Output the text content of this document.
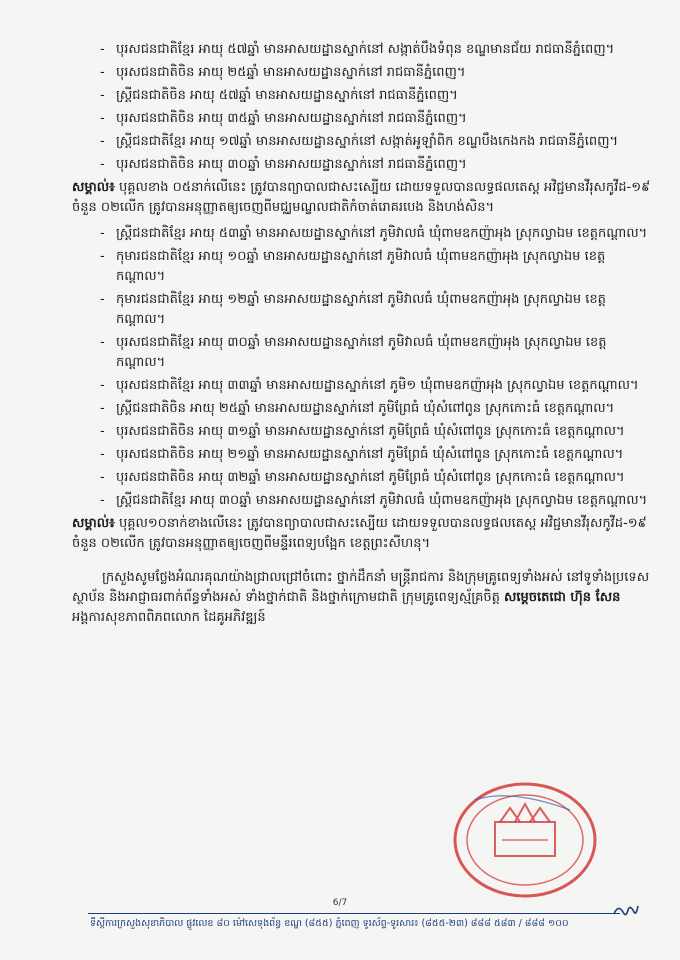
- បុរសជនជាតិខ្មែរ អាយុ ៥៧ឆ្នាំ មានអាសយដ្ឋានស្នាក់នៅ សង្កាត់បឹងទំពុន ខណ្ឌមានជ័យ រាជធានីភ្នំពេញ។
- បុរសជនជាតិចិន អាយុ ២៥ឆ្នាំ មានអាសយដ្ឋានស្នាក់នៅ រាជធានីភ្នំពេញ។
- ស្ត្រីជនជាតិចិន អាយុ ៥៧ឆ្នាំ មានអាសយដ្ឋានស្នាក់នៅ រាជធានីភ្នំពេញ។
- បុរសជនជាតិចិន អាយុ ៣៥ឆ្នាំ មានអាសយដ្ឋានស្នាក់នៅ រាជធានីភ្នំពេញ។
- ស្ត្រីជនជាតិខ្មែរ អាយុ ១៧ឆ្នាំ មានអាសយដ្ឋានស្នាក់នៅ សង្កាត់អូឡាំពិក ខណ្ឌបឹងកេងកង រាជធានីភ្នំពេញ។
- បុរសជនជាតិចិន អាយុ ៣០ឆ្នាំ មានអាសយដ្ឋានស្នាក់នៅ រាជធានីភ្នំពេញ។

សម្គាល់៖ បុគ្គលខាង ០៥នាក់លើនេះ ត្រូវបានព្យាបាលជាសះស្បើយ ដោយទទួលបានលទ្ធផលតេស្ត អវិជ្ជមានវីរុសកូវីដ-១៩ ចំនួន ០២លើក ត្រូវបានអនុញ្ញាតឲ្យចេញពីមជ្ឈមណ្ឌលជាតិកំចាត់រោគរបេង និងហង់សិន។

- ស្ត្រីជនជាតិខ្មែរ អាយុ ៥៣ឆ្នាំ មានអាសយដ្ឋានស្នាក់នៅ ភូមិវាលធំ ឃុំពាមឧកញ៉ាអុង ស្រុកល្វាឯម ខេត្តកណ្ដាល។
- កុមារជនជាតិខ្មែរ អាយុ ១០ឆ្នាំ មានអាសយដ្ឋានស្នាក់នៅ ភូមិវាលធំ ឃុំពាមឧកញ៉ាអុង ស្រុកល្វាឯម ខេត្តកណ្ដាល។
- កុមារជនជាតិខ្មែរ អាយុ ១២ឆ្នាំ មានអាសយដ្ឋានស្នាក់នៅ ភូមិវាលធំ ឃុំពាមឧកញ៉ាអុង ស្រុកល្វាឯម ខេត្តកណ្ដាល។
- បុរសជនជាតិខ្មែរ អាយុ ៣០ឆ្នាំ មានអាសយដ្ឋានស្នាក់នៅ ភូមិវាលធំ ឃុំពាមឧកញ៉ាអុង ស្រុកល្វាឯម ខេត្តកណ្ដាល។
- បុរសជនជាតិខ្មែរ អាយុ ៣៣ឆ្នាំ មានអាសយដ្ឋានស្នាក់នៅ ភូមិ១ ឃុំពាមឧកញ៉ាអុង ស្រុកល្វាឯម ខេត្តកណ្ដាល។
- ស្ត្រីជនជាតិចិន អាយុ ២៥ឆ្នាំ មានអាសយដ្ឋានស្នាក់នៅ ភូមិព្រែធំ ឃុំសំពៅពូន ស្រុកកោះធំ ខេត្តកណ្ដាល។
- បុរសជនជាតិចិន អាយុ ៣១ឆ្នាំ មានអាសយដ្ឋានស្នាក់នៅ ភូមិព្រែធំ ឃុំសំពៅពូន ស្រុកកោះធំ ខេត្តកណ្ដាល។
- បុរសជនជាតិចិន អាយុ ២១ឆ្នាំ មានអាសយដ្ឋានស្នាក់នៅ ភូមិព្រែធំ ឃុំសំពៅពូន ស្រុកកោះធំ ខេត្តកណ្ដាល។
- បុរសជនជាតិចិន អាយុ ៣២ឆ្នាំ មានអាសយដ្ឋានស្នាក់នៅ ភូមិព្រែធំ ឃុំសំពៅពូន ស្រុកកោះធំ ខេត្តកណ្ដាល។
- ស្ត្រីជនជាតិខ្មែរ អាយុ ៣០ឆ្នាំ មានអាសយដ្ឋានស្នាក់នៅ ភូមិវាលធំ ឃុំពាមឧកញ៉ាអុង ស្រុកល្វាឯម ខេត្តកណ្ដាល។

សម្គាល់៖ បុគ្គល១០នាក់ខាងលើនេះ ត្រូវបានព្យាបាលជាសះស្បើយ ដោយទទួលបានលទ្ធផលតេស្ត អវិជ្ជមានវីរុសកូវីដ-១៩ ចំនួន ០២លើក ត្រូវបានអនុញ្ញាតឲ្យចេញពីមន្ទីរពេទ្យបង្អែក ខេត្តព្រះសីហនុ។

ក្រសួងសូមថ្លែងអំណរគុណយ៉ាងជ្រាលជ្រៅចំពោះ ថ្នាក់ដឹកនាំ មន្ត្រីរាជការ និងក្រុមគ្រូពេទ្យទាំងអស់ នៅទូទាំងប្រទេស ស្ថាប័ន និងអាជ្ញាធរពាក់ព័ន្ធទាំងអស់ ទាំងថ្នាក់ជាតិ និងថ្នាក់ក្រោមជាតិ ក្រុមគ្រូពេទ្យស្ម័គ្រចិត្ត សម្តេចតេជោ ហ៊ុន សែន អង្គការសុខភាពពិភពលោក ដៃគូអភិវឌ្ឍន៍

6/7
ទីស្តីការក្រសួងសុខាភិបាល ផ្លូវលេខ ៨០ ម៉ៅសេទុងព័ន្ធ ខណ្ឌ (៨៥៥) ភ្នំពេញ ទូរស័ព្ទ-ទូរសារ៖ (៨៥៥-២៣) ៨៨៨ ៥៨៣ / ៨៨៨ ១០០
